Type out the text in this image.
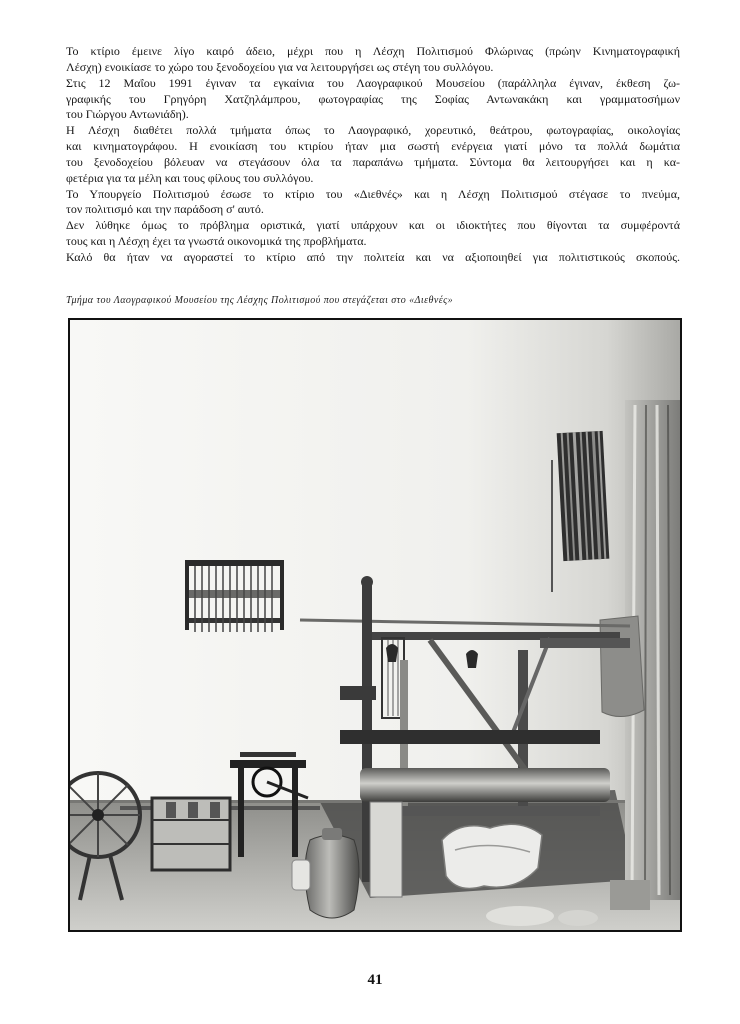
Το κτίριο έμεινε λίγο καιρό άδειο, μέχρι που η Λέσχη Πολιτισμού Φλώρινας (πρώην Κινηματογραφική
Λέσχη) ενοικίασε το χώρο του ξενοδοχείου για να λειτουργήσει ως στέγη του συλλόγου.
Στις 12 Μαΐου 1991 έγιναν τα εγκαίνια του Λαογραφικού Μουσείου (παράλληλα έγιναν, έκθεση ζω-
γραφικής του Γρηγόρη Χατζηλάμπρου, φωτογραφίας της Σοφίας Αντωνακάκη και γραμματοσήμων
του Γιώργου Αντωνιάδη).
Η Λέσχη διαθέτει πολλά τμήματα όπως το Λαογραφικό, χορευτικό, θεάτρου, φωτογραφίας, οικολογίας
και κινηματογράφου. Η ενοικίαση του κτιρίου ήταν μια σωστή ενέργεια γιατί μόνο τα πολλά δωμάτια
του ξενοδοχείου βόλευαν να στεγάσουν όλα τα παραπάνω τμήματα. Σύντομα θα λειτουργήσει και η κα-
φετέρια για τα μέλη και τους φίλους του συλλόγου.
Το Υπουργείο Πολιτισμού έσωσε το κτίριο του «Διεθνές» και η Λέσχη Πολιτισμού στέγασε το πνεύμα,
τον πολιτισμό και την παράδοση σ' αυτό.
Δεν λύθηκε όμως το πρόβλημα οριστικά, γιατί υπάρχουν και οι ιδιοκτήτες που θίγονται τα συμφέροντά
τους και η Λέσχη έχει τα γνωστά οικονομικά της προβλήματα.
Καλό θα ήταν να αγοραστεί το κτίριο από την πολιτεία και να αξιοποιηθεί για πολιτιστικούς σκοπούς.
Τμήμα του Λαογραφικού Μουσείου της Λέσχης Πολιτισμού που στεγάζεται στο «Διεθνές»
41
